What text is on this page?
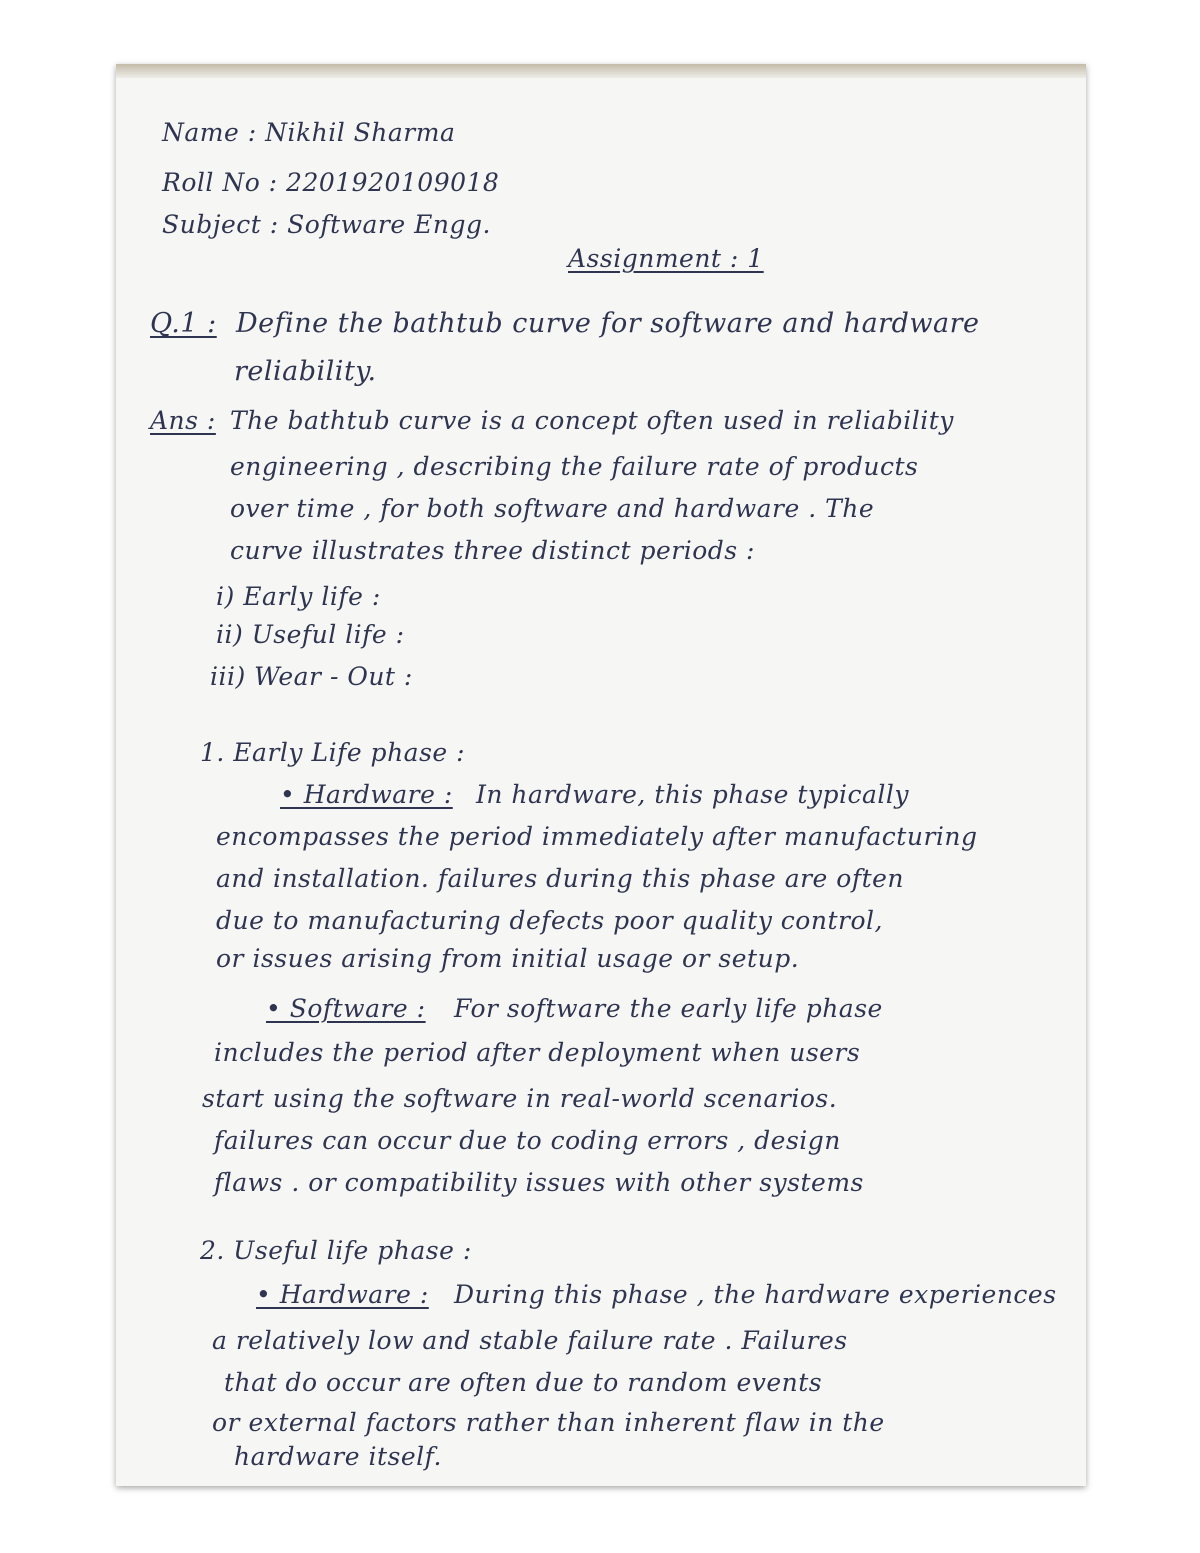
Name : Nikhil Sharma
Roll No : 2201920109018
Subject : Software Engg.
Assignment : 1
Q.1 : Define the bathtub curve for software and hardware
reliability.
Ans : The bathtub curve is a concept often used in reliability
engineering , describing the failure rate of products
over time , for both software and hardware . The
curve illustrates three distinct periods :
i) Early life :
ii) Useful life :
iii) Wear - Out :
1. Early Life phase :
• Hardware : In hardware, this phase typically
encompasses the period immediately after manufacturing
and installation. failures during this phase are often
due to manufacturing defects poor quality control,
or issues arising from initial usage or setup.
• Software : For software the early life phase
includes the period after deployment when users
start using the software in real-world scenarios.
failures can occur due to coding errors , design
flaws . or compatibility issues with other systems
2. Useful life phase :
• Hardware : During this phase , the hardware experiences
a relatively low and stable failure rate . Failures
that do occur are often due to random events
or external factors rather than inherent flaw in the
hardware itself.
